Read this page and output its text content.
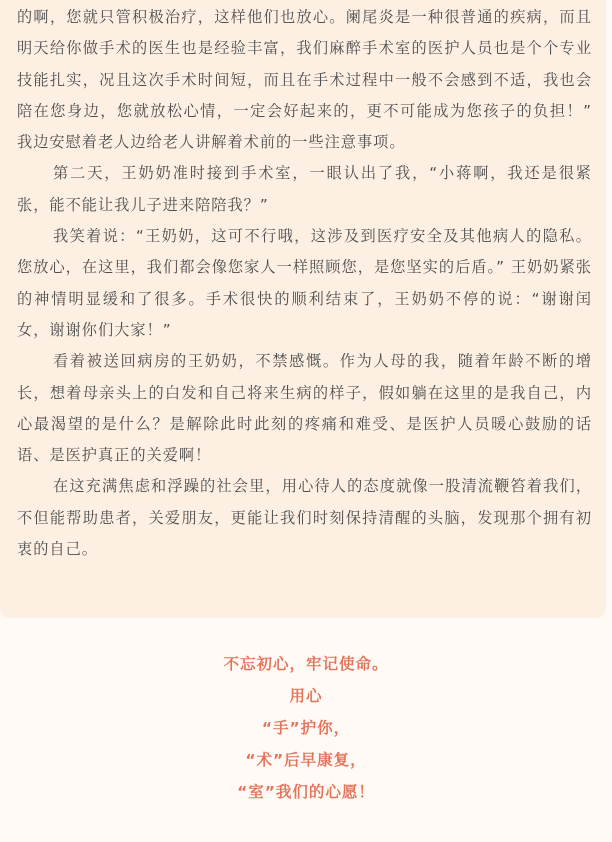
的啊，您就只管积极治疗，这样他们也放心。阑尾炎是一种很普通的疾病，而且明天给你做手术的医生也是经验丰富，我们麻醉手术室的医护人员也是个个专业技能扎实，况且这次手术时间短，而且在手术过程中一般不会感到不适，我也会陪在您身边，您就放松心情，一定会好起来的，更不可能成为您孩子的负担！” 我边安慰着老人边给老人讲解着术前的一些注意事项。

第二天，王奶奶准时接到手术室，一眼认出了我，“小蒋啊，我还是很紧张，能不能让我儿子进来陪陪我？”

我笑着说：“王奶奶，这可不行哦，这涉及到医疗安全及其他病人的隐私。您放心，在这里，我们都会像您家人一样照顾您，是您坚实的后盾。” 王奶奶紧张的神情明显缓和了很多。手术很快的顺利结束了，王奶奶不停的说：“谢谢闰女，谢谢你们大家！”

看着被送回病房的王奶奶，不禁感慨。作为人母的我，随着年龄不断的增长，想着母亲头上的白发和自己将来生病的样子，假如躺在这里的是我自己，内心最渴望的是什么？是解除此时此刻的疼痛和难受、是医护人员暖心鼓励的话语、是医护真正的关爱啊！

在这充满焦虑和浮躁的社会里，用心待人的态度就像一股清流鞭笞着我们，不但能帮助患者，关爱朋友，更能让我们时刻保持清醒的头脑，发现那个拥有初衷的自己。

不忘初心，牢记使命。
用心
“手”护你，
“术”后早康复，
“室”我们的心愿！
